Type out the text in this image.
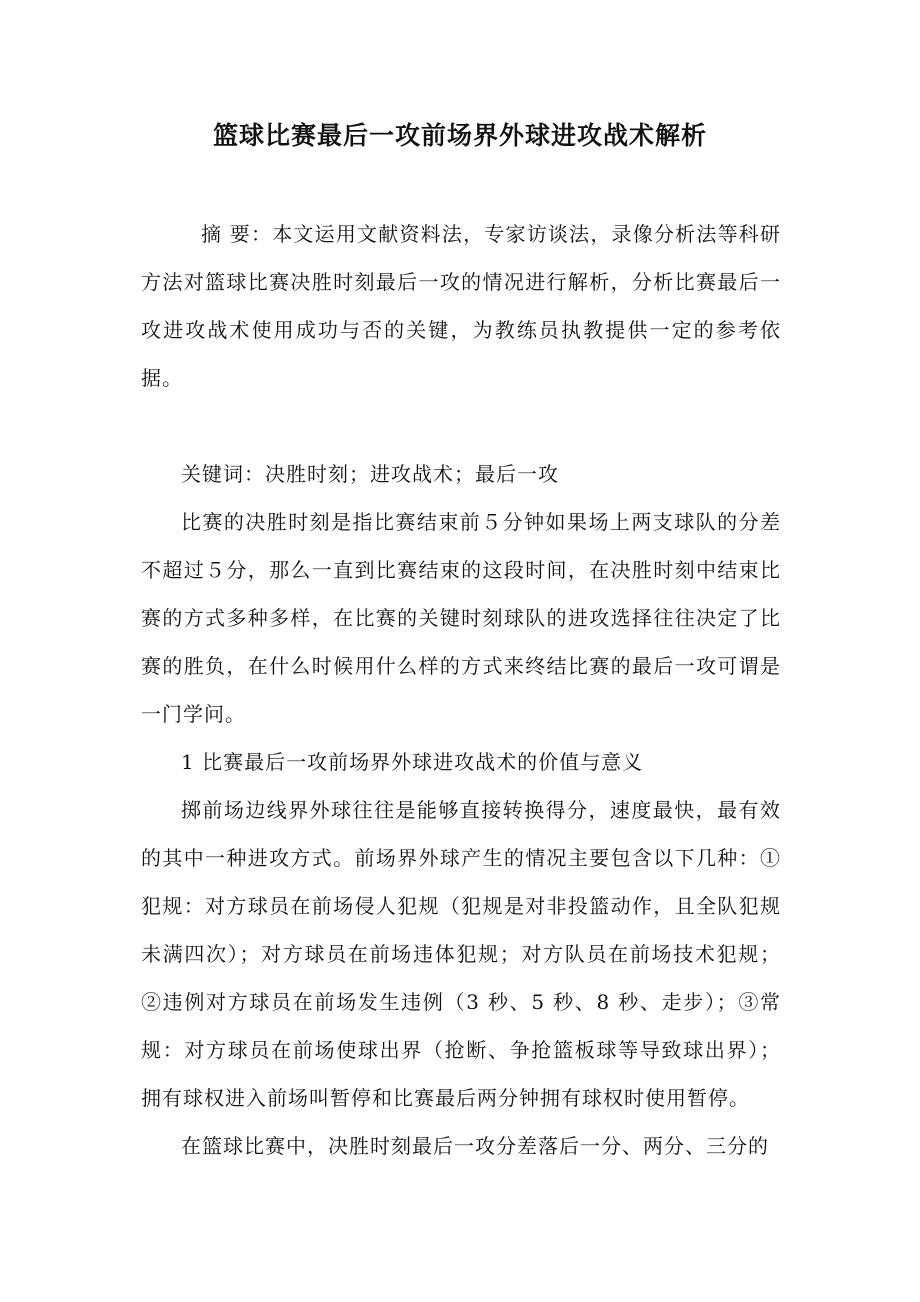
篮球比赛最后一攻前场界外球进攻战术解析

摘 要：本文运用文献资料法，专家访谈法，录像分析法等科研方法对篮球比赛决胜时刻最后一攻的情况进行解析，分析比赛最后一攻进攻战术使用成功与否的关键，为教练员执教提供一定的参考依据。

关键词：决胜时刻；进攻战术；最后一攻

比赛的决胜时刻是指比赛结束前５分钟如果场上两支球队的分差不超过５分，那么一直到比赛结束的这段时间，在决胜时刻中结束比赛的方式多种多样，在比赛的关键时刻球队的进攻选择往往决定了比赛的胜负，在什么时候用什么样的方式来终结比赛的最后一攻可谓是一门学问。

1 比赛最后一攻前场界外球进攻战术的价值与意义

掷前场边线界外球往往是能够直接转换得分，速度最快，最有效的其中一种进攻方式。前场界外球产生的情况主要包含以下几种：①犯规：对方球员在前场侵人犯规（犯规是对非投篮动作，且全队犯规未满四次）；对方球员在前场违体犯规；对方队员在前场技术犯规；②违例对方球员在前场发生违例（3 秒、5 秒、8 秒、走步）；③常规：对方球员在前场使球出界（抢断、争抢篮板球等导致球出界）；拥有球权进入前场叫暂停和比赛最后两分钟拥有球权时使用暂停。

在篮球比赛中，决胜时刻最后一攻分差落后一分、两分、三分的
